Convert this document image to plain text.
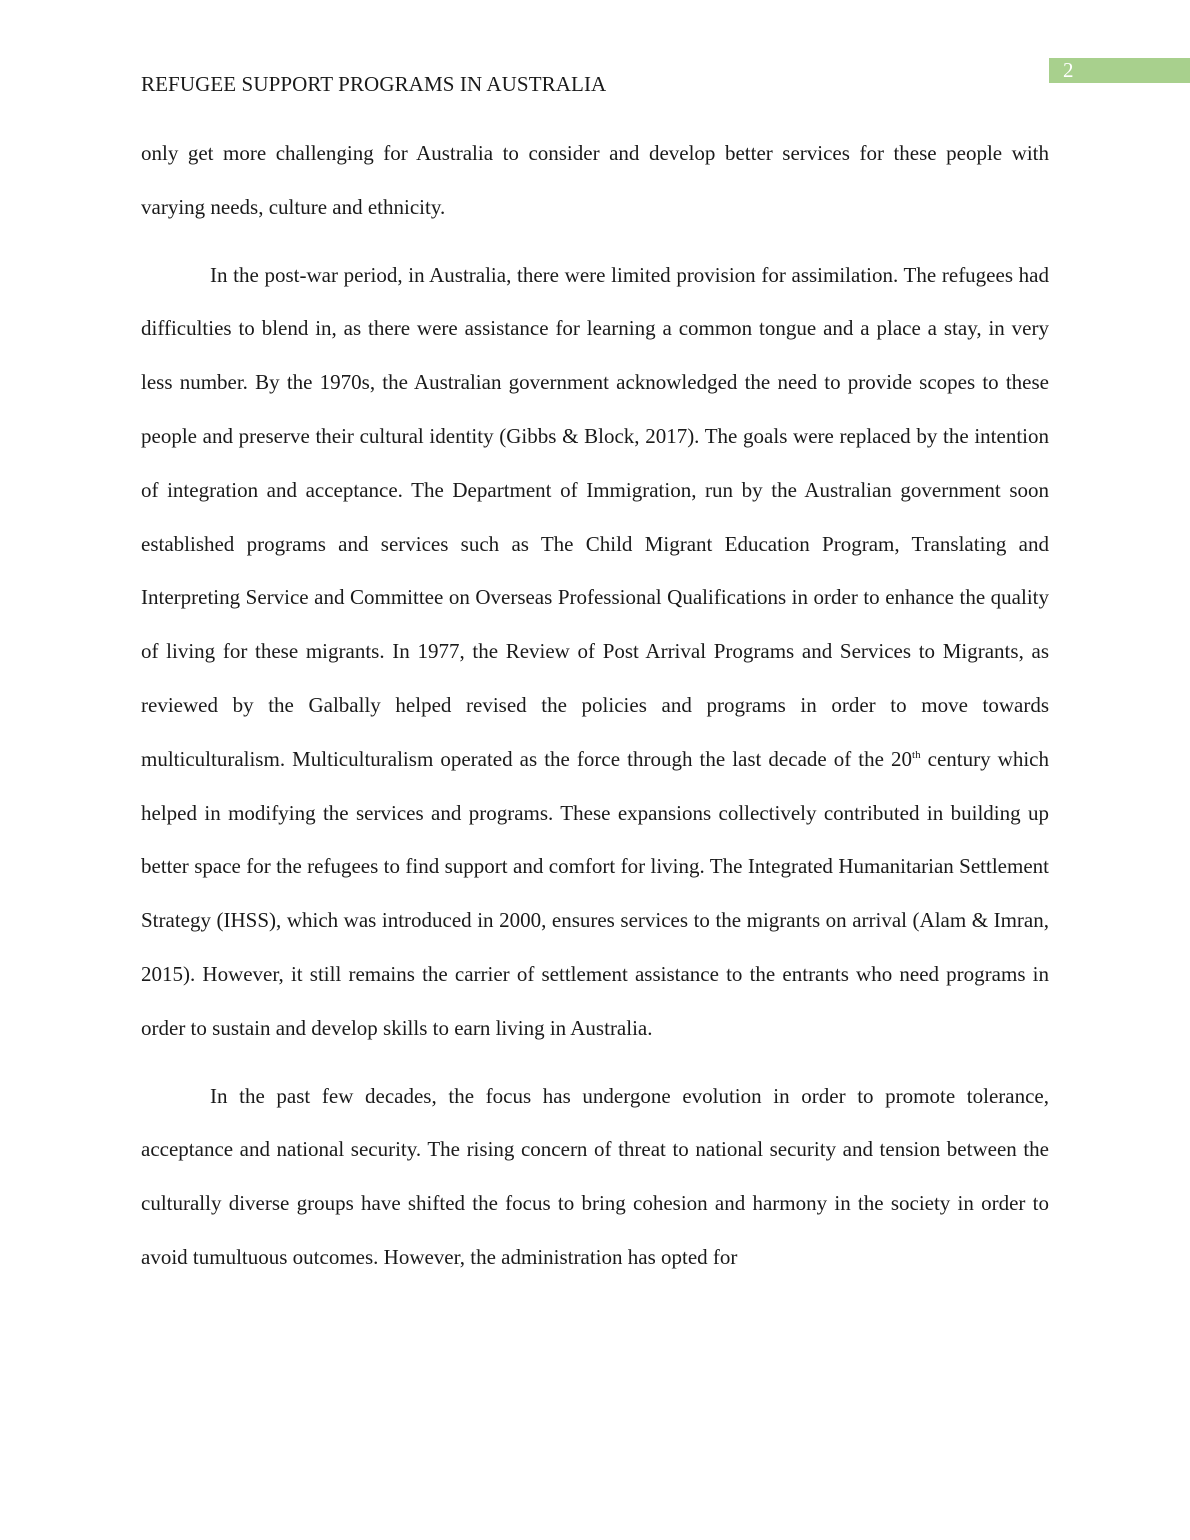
2
REFUGEE SUPPORT PROGRAMS IN AUSTRALIA

only get more challenging for Australia to consider and develop better services for these people with varying needs, culture and ethnicity.

In the post-war period, in Australia, there were limited provision for assimilation. The refugees had difficulties to blend in, as there were assistance for learning a common tongue and a place a stay, in very less number. By the 1970s, the Australian government acknowledged the need to provide scopes to these people and preserve their cultural identity (Gibbs & Block, 2017). The goals were replaced by the intention of integration and acceptance. The Department of Immigration, run by the Australian government soon established programs and services such as The Child Migrant Education Program, Translating and Interpreting Service and Committee on Overseas Professional Qualifications in order to enhance the quality of living for these migrants. In 1977, the Review of Post Arrival Programs and Services to Migrants, as reviewed by the Galbally helped revised the policies and programs in order to move towards multiculturalism. Multiculturalism operated as the force through the last decade of the 20th century which helped in modifying the services and programs. These expansions collectively contributed in building up better space for the refugees to find support and comfort for living. The Integrated Humanitarian Settlement Strategy (IHSS), which was introduced in 2000, ensures services to the migrants on arrival (Alam & Imran, 2015). However, it still remains the carrier of settlement assistance to the entrants who need programs in order to sustain and develop skills to earn living in Australia.

In the past few decades, the focus has undergone evolution in order to promote tolerance, acceptance and national security. The rising concern of threat to national security and tension between the culturally diverse groups have shifted the focus to bring cohesion and harmony in the society in order to avoid tumultuous outcomes. However, the administration has opted for
